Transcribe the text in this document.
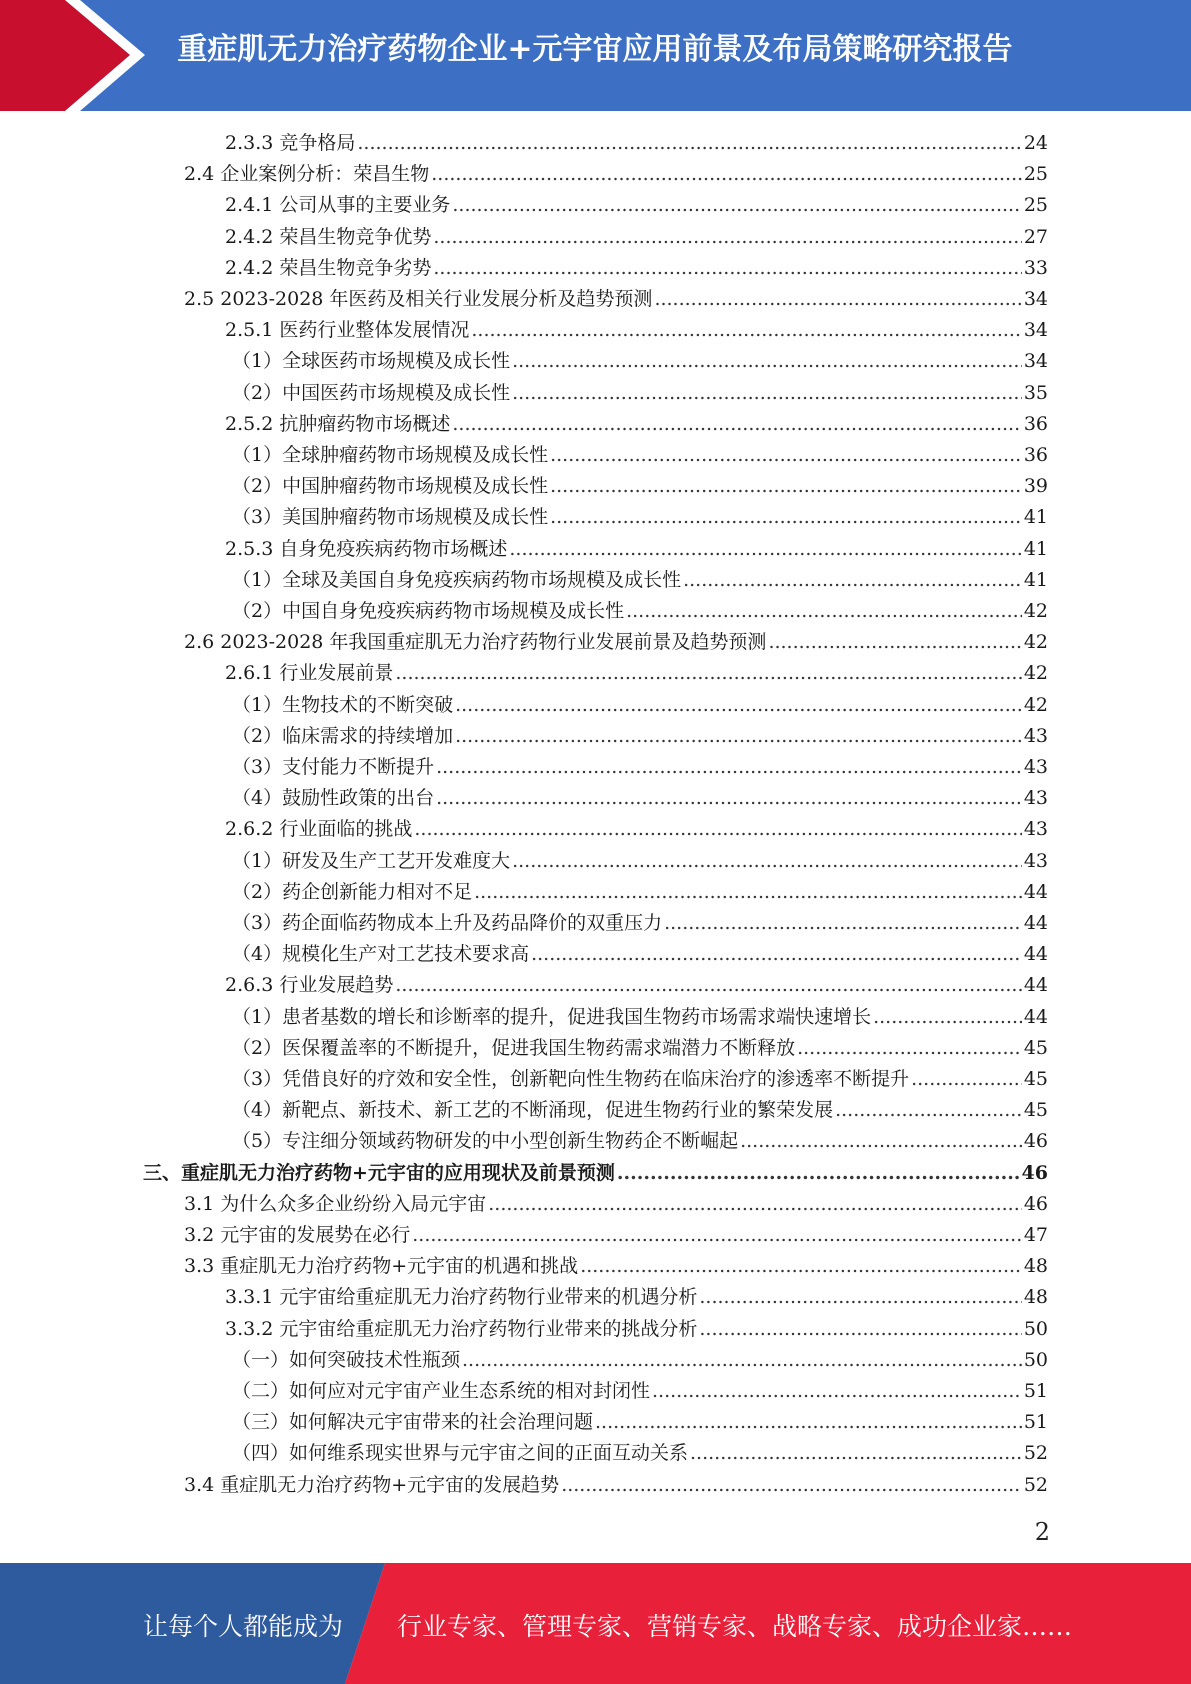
重症肌无力治疗药物企业+元宇宙应用前景及布局策略研究报告
2.3.3 竞争格局 .....	24
2.4 企业案例分析：荣昌生物 .....	25
2.4.1 公司从事的主要业务 .....	25
2.4.2 荣昌生物竞争优势 .....	27
2.4.2 荣昌生物竞争劣势 .....	33
2.5 2023-2028 年医药及相关行业发展分析及趋势预测 .....	34
2.5.1 医药行业整体发展情况 .....	34
（1）全球医药市场规模及成长性 .....	34
（2）中国医药市场规模及成长性 .....	35
2.5.2 抗肿瘤药物市场概述 .....	36
（1）全球肿瘤药物市场规模及成长性 .....	36
（2）中国肿瘤药物市场规模及成长性 .....	39
（3）美国肿瘤药物市场规模及成长性 .....	41
2.5.3 自身免疫疾病药物市场概述 .....	41
（1）全球及美国自身免疫疾病药物市场规模及成长性 .....	41
（2）中国自身免疫疾病药物市场规模及成长性 .....	42
2.6 2023-2028 年我国重症肌无力治疗药物行业发展前景及趋势预测 .....	42
2.6.1 行业发展前景 .....	42
（1）生物技术的不断突破 .....	42
（2）临床需求的持续增加 .....	43
（3）支付能力不断提升 .....	43
（4）鼓励性政策的出台 .....	43
2.6.2 行业面临的挑战 .....	43
（1）研发及生产工艺开发难度大 .....	43
（2）药企创新能力相对不足 .....	44
（3）药企面临药物成本上升及药品降价的双重压力 .....	44
（4）规模化生产对工艺技术要求高 .....	44
2.6.3 行业发展趋势 .....	44
（1）患者基数的增长和诊断率的提升，促进我国生物药市场需求端快速增长 .....	44
（2）医保覆盖率的不断提升，促进我国生物药需求端潜力不断释放 .....	45
（3）凭借良好的疗效和安全性，创新靶向性生物药在临床治疗的渗透率不断提升 .....	45
（4）新靶点、新技术、新工艺的不断涌现，促进生物药行业的繁荣发展 .....	45
（5）专注细分领域药物研发的中小型创新生物药企不断崛起 .....	46
三、重症肌无力治疗药物+元宇宙的应用现状及前景预测 .....	46
3.1 为什么众多企业纷纷入局元宇宙 .....	46
3.2 元宇宙的发展势在必行 .....	47
3.3 重症肌无力治疗药物+元宇宙的机遇和挑战 .....	48
3.3.1 元宇宙给重症肌无力治疗药物行业带来的机遇分析 .....	48
3.3.2 元宇宙给重症肌无力治疗药物行业带来的挑战分析 .....	50
（一）如何突破技术性瓶颈 .....	50
（二）如何应对元宇宙产业生态系统的相对封闭性 .....	51
（三）如何解决元宇宙带来的社会治理问题 .....	51
（四）如何维系现实世界与元宇宙之间的正面互动关系 .....	52
3.4 重症肌无力治疗药物+元宇宙的发展趋势 .....	52
2
让每个人都能成为 行业专家、管理专家、营销专家、战略专家、成功企业家……
